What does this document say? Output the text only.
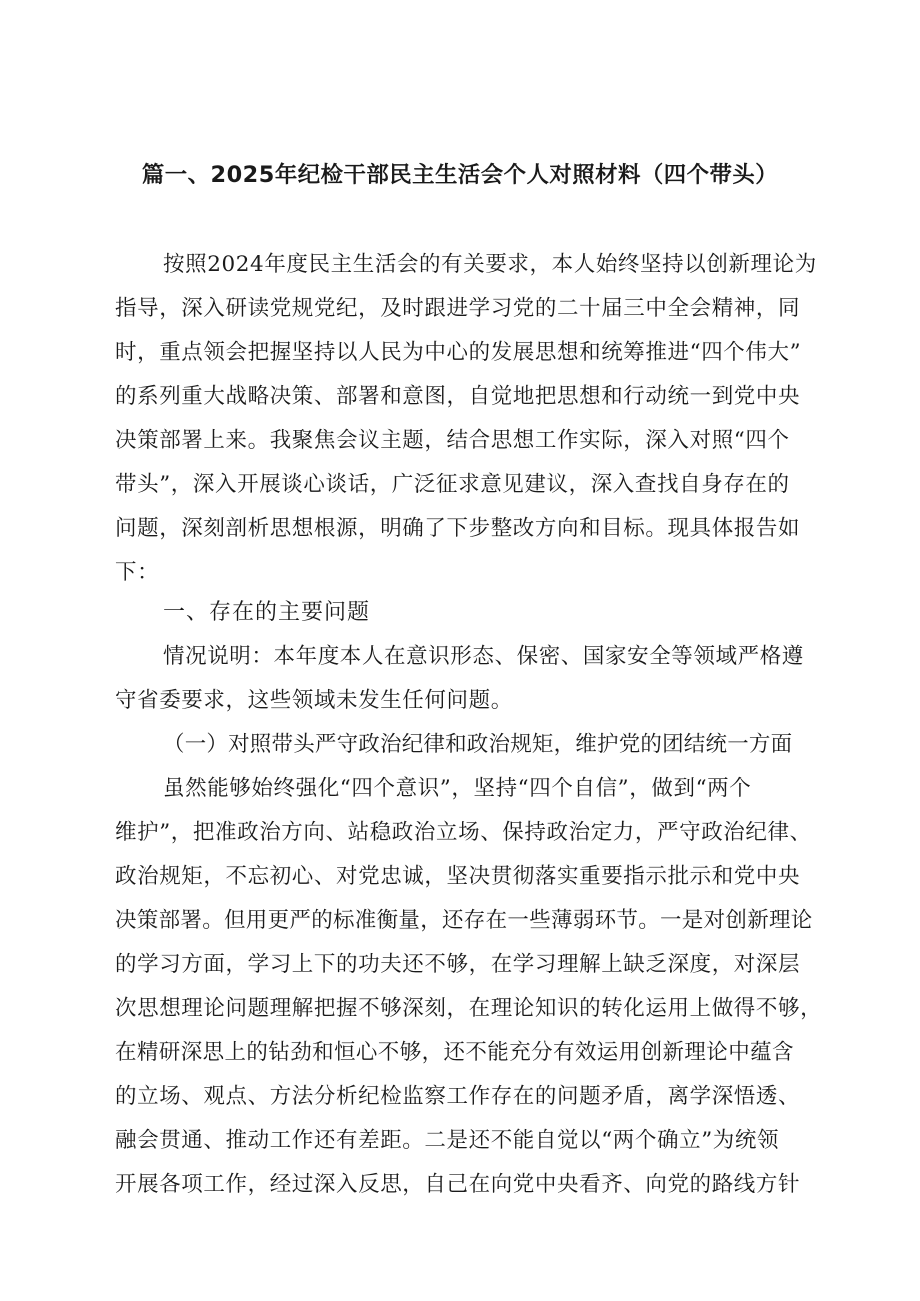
篇一、2025年纪检干部民主生活会个人对照材料（四个带头）
按照2024年度民主生活会的有关要求，本人始终坚持以创新理论为
指导，深入研读党规党纪，及时跟进学习党的二十届三中全会精神，同
时，重点领会把握坚持以人民为中心的发展思想和统筹推进“四个伟大”
的系列重大战略决策、部署和意图，自觉地把思想和行动统一到党中央
决策部署上来。我聚焦会议主题，结合思想工作实际，深入对照“四个
带头”，深入开展谈心谈话，广泛征求意见建议，深入查找自身存在的
问题，深刻剖析思想根源，明确了下步整改方向和目标。现具体报告如
下：
一、存在的主要问题
情况说明：本年度本人在意识形态、保密、国家安全等领域严格遵
守省委要求，这些领域未发生任何问题。
（一）对照带头严守政治纪律和政治规矩，维护党的团结统一方面
虽然能够始终强化“四个意识”，坚持“四个自信”，做到“两个
维护”，把准政治方向、站稳政治立场、保持政治定力，严守政治纪律、
政治规矩，不忘初心、对党忠诚，坚决贯彻落实重要指示批示和党中央
决策部署。但用更严的标准衡量，还存在一些薄弱环节。一是对创新理论
的学习方面，学习上下的功夫还不够，在学习理解上缺乏深度，对深层
次思想理论问题理解把握不够深刻，在理论知识的转化运用上做得不够，
在精研深思上的钻劲和恒心不够，还不能充分有效运用创新理论中蕴含
的立场、观点、方法分析纪检监察工作存在的问题矛盾，离学深悟透、
融会贯通、推动工作还有差距。二是还不能自觉以“两个确立”为统领
开展各项工作，经过深入反思，自己在向党中央看齐、向党的路线方针
